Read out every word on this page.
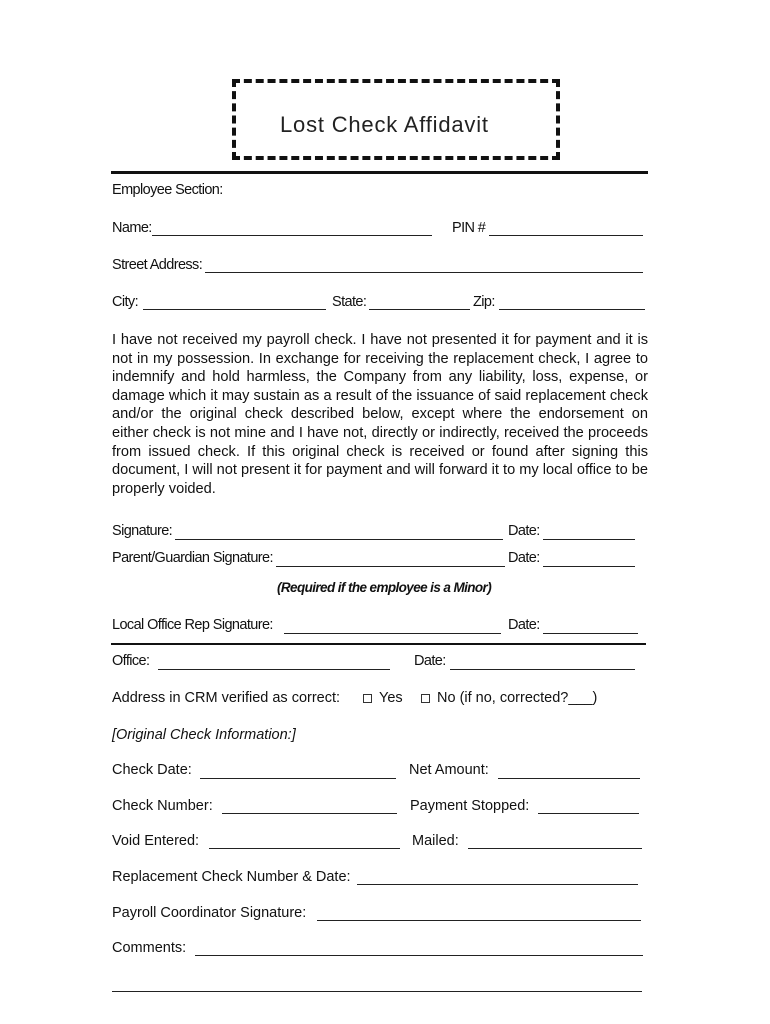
Lost Check Affidavit
Employee Section:
Name:	PIN #
Street Address:
City:	State:	Zip:
I have not received my payroll check. I have not presented it for payment and it is not in my possession. In exchange for receiving the replacement check, I agree to indemnify and hold harmless, the Company from any liability, loss, expense, or damage which it may sustain as a result of the issuance of said replacement check and/or the original check described below, except where the endorsement on either check is not mine and I have not, directly or indirectly, received the proceeds from issued check. If this original check is received or found after signing this document, I will not present it for payment and will forward it to my local office to be properly voided.
Signature:	Date:
Parent/Guardian Signature:	Date:
(Required if the employee is a Minor)
Local Office Rep Signature:	Date:
Office:	Date:
Address in CRM verified as correct:	Yes No (if no, corrected?___)
[Original Check Information:]
Check Date:	Net Amount:
Check Number:	Payment Stopped:
Void Entered:	Mailed:
Replacement Check Number & Date:
Payroll Coordinator Signature:
Comments:
